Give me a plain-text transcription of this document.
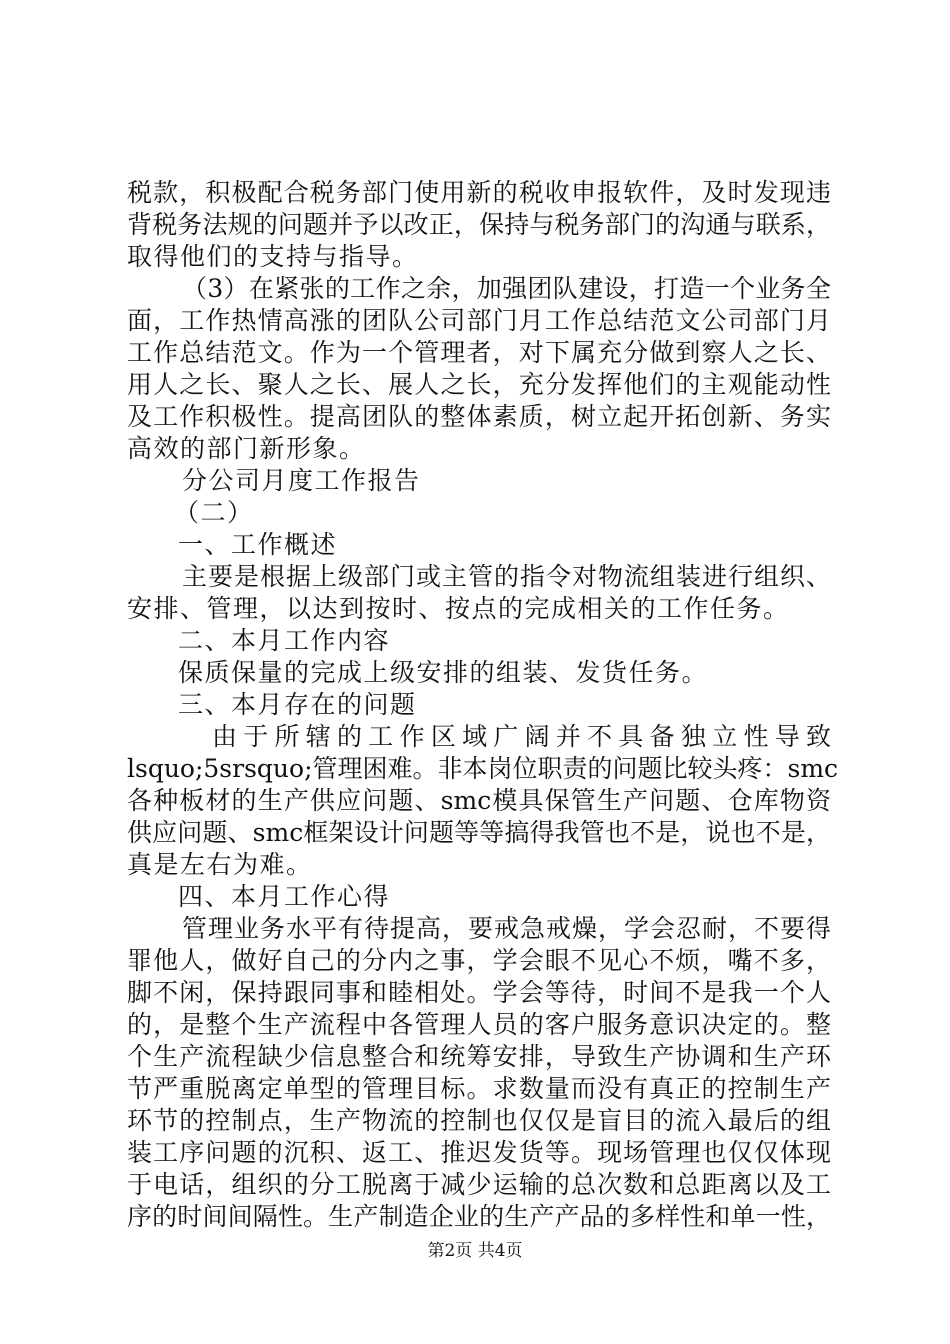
税款，积极配合税务部门使用新的税收申报软件，及时发现违
背税务法规的问题并予以改正，保持与税务部门的沟通与联系，
取得他们的支持与指导。
（3）在紧张的工作之余，加强团队建设，打造一个业务全
面，工作热情高涨的团队公司部门月工作总结范文公司部门月
工作总结范文。作为一个管理者，对下属充分做到察人之长、
用人之长、聚人之长、展人之长，充分发挥他们的主观能动性
及工作积极性。提高团队的整体素质，树立起开拓创新、务实
高效的部门新形象。
分公司月度工作报告
（二）
一、工作概述
主要是根据上级部门或主管的指令对物流组装进行组织、
安排、管理，以达到按时、按点的完成相关的工作任务。
二、本月工作内容
保质保量的完成上级安排的组装、发货任务。
三、本月存在的问题
由于所辖的工作区域广阔并不具备独立性导致
lsquo;5srsquo;管理困难。非本岗位职责的问题比较头疼：smc
各种板材的生产供应问题、smc模具保管生产问题、仓库物资
供应问题、smc框架设计问题等等搞得我管也不是，说也不是，
真是左右为难。
四、本月工作心得
管理业务水平有待提高，要戒急戒燥，学会忍耐，不要得
罪他人，做好自己的分内之事，学会眼不见心不烦，嘴不多，
脚不闲，保持跟同事和睦相处。学会等待，时间不是我一个人
的，是整个生产流程中各管理人员的客户服务意识决定的。整
个生产流程缺少信息整合和统筹安排，导致生产协调和生产环
节严重脱离定单型的管理目标。求数量而没有真正的控制生产
环节的控制点，生产物流的控制也仅仅是盲目的流入最后的组
装工序问题的沉积、返工、推迟发货等。现场管理也仅仅体现
于电话，组织的分工脱离于减少运输的总次数和总距离以及工
序的时间间隔性。生产制造企业的生产产品的多样性和单一性，
第2页 共4页
